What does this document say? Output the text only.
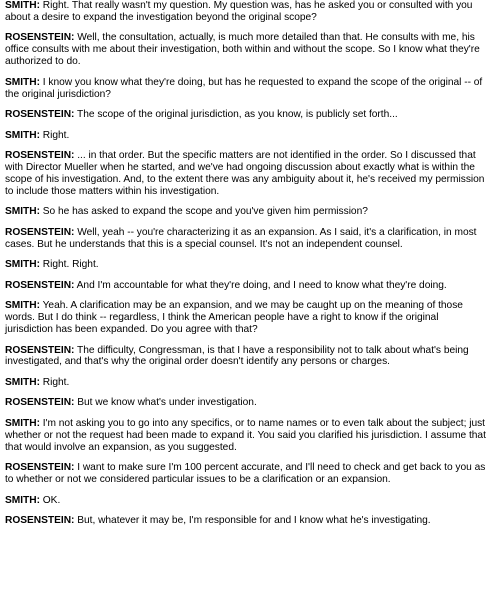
SMITH: Right. That really wasn't my question. My question was, has he asked you or consulted with you about a desire to expand the investigation beyond the original scope?

ROSENSTEIN: Well, the consultation, actually, is much more detailed than that. He consults with me, his office consults with me about their investigation, both within and without the scope. So I know what they're authorized to do.

SMITH: I know you know what they're doing, but has he requested to expand the scope of the original -- of the original jurisdiction?

ROSENSTEIN: The scope of the original jurisdiction, as you know, is publicly set forth...

SMITH: Right.

ROSENSTEIN: ... in that order. But the specific matters are not identified in the order. So I discussed that with Director Mueller when he started, and we've had ongoing discussion about exactly what is within the scope of his investigation. And, to the extent there was any ambiguity about it, he's received my permission to include those matters within his investigation.

SMITH: So he has asked to expand the scope and you've given him permission?

ROSENSTEIN: Well, yeah -- you're characterizing it as an expansion. As I said, it's a clarification, in most cases. But he understands that this is a special counsel. It's not an independent counsel.

SMITH: Right. Right.

ROSENSTEIN: And I'm accountable for what they're doing, and I need to know what they're doing.

SMITH: Yeah. A clarification may be an expansion, and we may be caught up on the meaning of those words. But I do think -- regardless, I think the American people have a right to know if the original jurisdiction has been expanded. Do you agree with that?

ROSENSTEIN: The difficulty, Congressman, is that I have a responsibility not to talk about what's being investigated, and that's why the original order doesn't identify any persons or charges.

SMITH: Right.

ROSENSTEIN: But we know what's under investigation.

SMITH: I'm not asking you to go into any specifics, or to name names or to even talk about the subject; just whether or not the request had been made to expand it. You said you clarified his jurisdiction. I assume that that would involve an expansion, as you suggested.

ROSENSTEIN: I want to make sure I'm 100 percent accurate, and I'll need to check and get back to you as to whether or not we considered particular issues to be a clarification or an expansion.

SMITH: OK.

ROSENSTEIN: But, whatever it may be, I'm responsible for and I know what he's investigating.
